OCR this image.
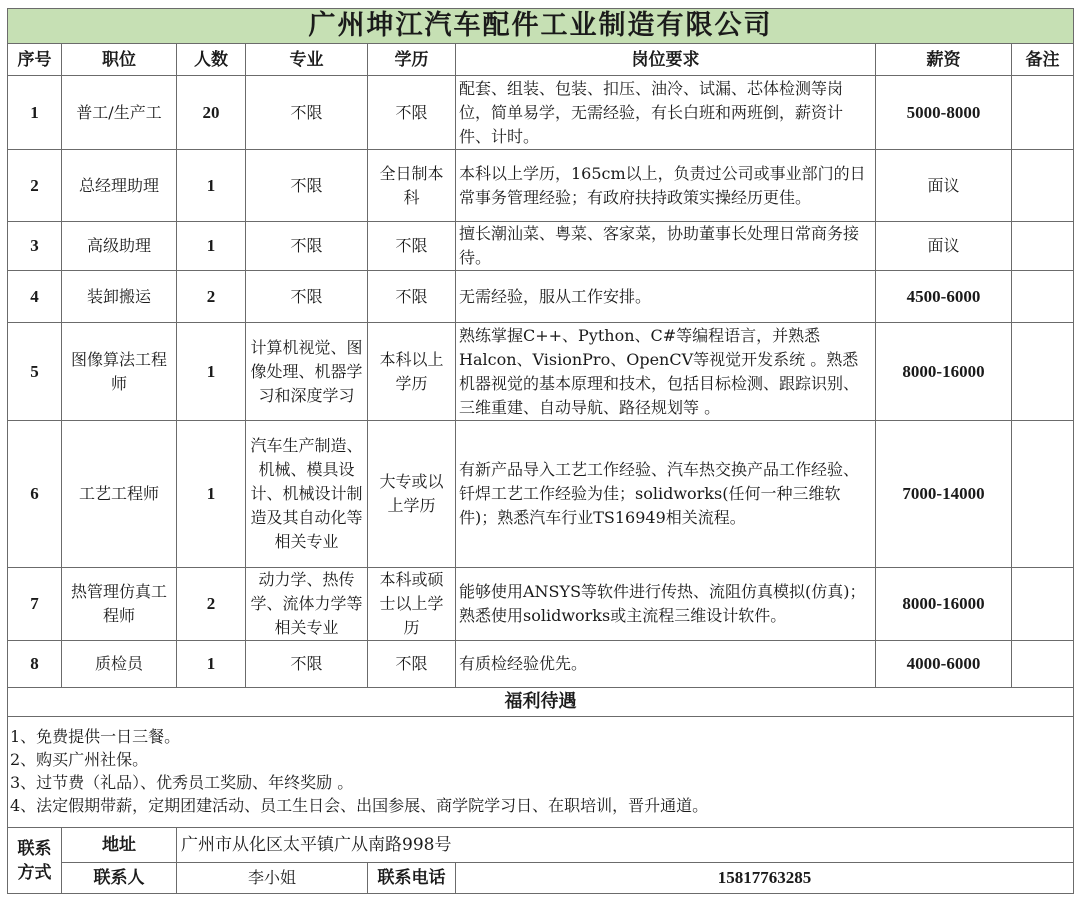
广州坤江汽车配件工业制造有限公司							
序号	职位	人数	专业	学历	岗位要求	薪资	备注
1	普工/生产工	20	不限	不限	配套、组装、包装、扣压、油冷、试漏、芯体检测等岗位，简单易学，无需经验，有长白班和两班倒，薪资计件、计时。	5000-8000	
2	总经理助理	1	不限	全日制本科	本科以上学历，165cm以上，负责过公司或事业部门的日常事务管理经验；有政府扶持政策实操经历更佳。	面议	
3	高级助理	1	不限	不限	擅长潮汕菜、粤菜、客家菜，协助董事长处理日常商务接待。	面议	
4	装卸搬运	2	不限	不限	无需经验，服从工作安排。	4500-6000	
5	图像算法工程师	1	计算机视觉、图像处理、机器学习和深度学习	本科以上学历	熟练掌握C++、Python、C#等编程语言，并熟悉Halcon、VisionPro、OpenCV等视觉开发系统 。熟悉机器视觉的基本原理和技术，包括目标检测、跟踪识别、三维重建、自动导航、路径规划等 。	8000-16000	
6	工艺工程师	1	汽车生产制造、机械、模具设计、机械设计制造及其自动化等相关专业	大专或以上学历	有新产品导入工艺工作经验、汽车热交换产品工作经验、钎焊工艺工作经验为佳；solidworks(任何一种三维软件)；熟悉汽车行业TS16949相关流程。	7000-14000	
7	热管理仿真工程师	2	动力学、热传学、流体力学等相关专业	本科或硕士以上学历	能够使用ANSYS等软件进行传热、流阻仿真模拟(仿真)；熟悉使用solidworks或主流程三维设计软件。	8000-16000	
8	质检员	1	不限	不限	有质检经验优先。	4000-6000	
福利待遇							

1、免费提供一日三餐。
2、购买广州社保。
3、过节费（礼品）、优秀员工奖励、年终奖励 。
4、法定假期带薪，定期团建活动、员工生日会、出国参展、商学院学习日、在职培训，晋升通道。							

联系方式	地址	广州市从化区太平镇广从南路998号					
	联系人	李小姐		联系电话	15817763285		
